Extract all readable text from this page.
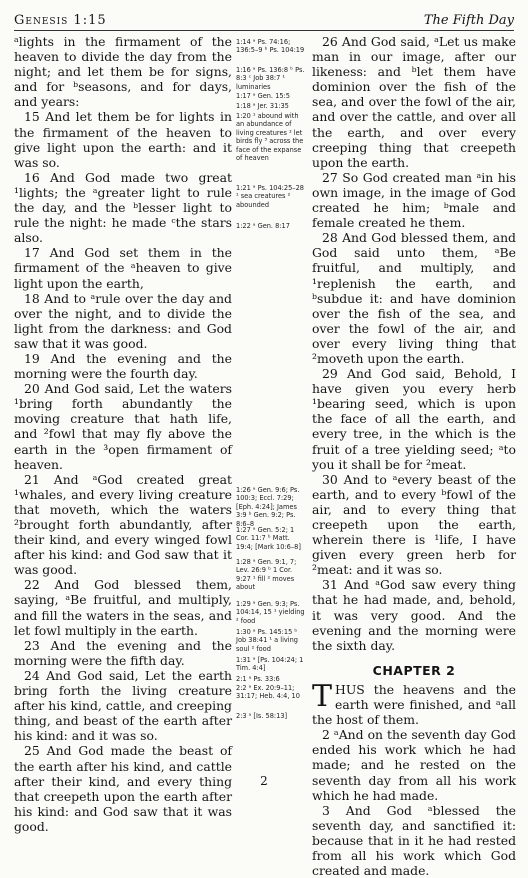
Genesis 1:15	The Fifth Day

ᵃlights in the firmament of the heaven to divide the day from the night; and let them be for signs, and for ᵇseasons, and for days, and years:

15 And let them be for lights in the firmament of the heaven to give light upon the earth: and it was so.

16 And God made two great ¹lights; the ᵃgreater light to rule the day, and the ᵇlesser light to rule the night: he made ᶜthe stars also.

17 And God set them in the firmament of the ᵃheaven to give light upon the earth,

18 And to ᵃrule over the day and over the night, and to divide the light from the darkness: and God saw that it was good.

19 And the evening and the morning were the fourth day.

20 And God said, Let the waters ¹bring forth abundantly the moving creature that hath life, and ²fowl that may fly above the earth in the ³open firmament of heaven.

21 And ᵃGod created great ¹whales, and every living creature that moveth, which the waters ²brought forth abundantly, after their kind, and every winged fowl after his kind: and God saw that it was good.

22 And God blessed them, saying, ᵃBe fruitful, and multiply, and fill the waters in the seas, and let fowl multiply in the earth.

23 And the evening and the morning were the fifth day.

24 And God said, Let the earth bring forth the living creature after his kind, cattle, and creeping thing, and beast of the earth after his kind: and it was so.

25 And God made the beast of the earth after his kind, and cattle after their kind, and every thing that creepeth upon the earth after his kind: and God saw that it was good.

1:14 ᵃ Ps. 74:16; 136:5–9 ᵇ Ps. 104:19
1:16 ᵃ Ps. 136:8 ᵇ Ps. 8:3 ᶜ Job 38:7 ¹ luminaries
1:17 ᵃ Gen. 15:5
1:18 ᵃ Jer. 31:35
1:20 ¹ abound with an abundance of living creatures ² let birds fly ³ across the face of the expanse of heaven
1:21 ᵃ Ps. 104:25–28 ¹ sea creatures ² abounded
1:22 ᵃ Gen. 8:17
1:26 ᵃ Gen. 9:6; Ps. 100:3; Eccl. 7:29; [Eph. 4:24]; James 3:9 ᵇ Gen. 9:2; Ps. 8:6–8
1:27 ᵃ Gen. 5:2; 1 Cor. 11:7 ᵇ Matt. 19:4; [Mark 10:6–8]
1:28 ᵃ Gen. 9:1, 7; Lev. 26:9 ᵇ 1 Cor. 9:27 ¹ fill ² moves about
1:29 ᵃ Gen. 9:3; Ps. 104:14, 15 ¹ yielding ² food
1:30 ᵃ Ps. 145:15 ᵇ Job 38:41 ¹ a living soul ² food
1:31 ᵃ [Ps. 104:24; 1 Tim. 4:4]
2:1 ᵃ Ps. 33:6
2:2 ᵃ Ex. 20:9–11; 31:17; Heb. 4:4, 10
2:3 ᵃ [Is. 58:13]

26 And God said, ᵃLet us make man in our image, after our likeness: and ᵇlet them have dominion over the fish of the sea, and over the fowl of the air, and over the cattle, and over all the earth, and over every creeping thing that creepeth upon the earth.

27 So God created man ᵃin his own image, in the image of God created he him; ᵇmale and female created he them.

28 And God blessed them, and God said unto them, ᵃBe fruitful, and multiply, and ¹replenish the earth, and ᵇsubdue it: and have dominion over the fish of the sea, and over the fowl of the air, and over every living thing that ²moveth upon the earth.

29 And God said, Behold, I have given you every herb ¹bearing seed, which is upon the face of all the earth, and every tree, in the which is the fruit of a tree yielding seed; ᵃto you it shall be for ²meat.

30 And to ᵃevery beast of the earth, and to every ᵇfowl of the air, and to every thing that creepeth upon the earth, wherein there is ¹life, I have given every green herb for ²meat: and it was so.

31 And ᵃGod saw every thing that he had made, and, behold, it was very good. And the evening and the morning were the sixth day.

CHAPTER 2

THUS the heavens and the earth were finished, and ᵃall the host of them.

2 ᵃAnd on the seventh day God ended his work which he had made; and he rested on the seventh day from all his work which he had made.

3 And God ᵃblessed the seventh day, and sanctified it: because that in it he had rested from all his work which God created and made.

2
